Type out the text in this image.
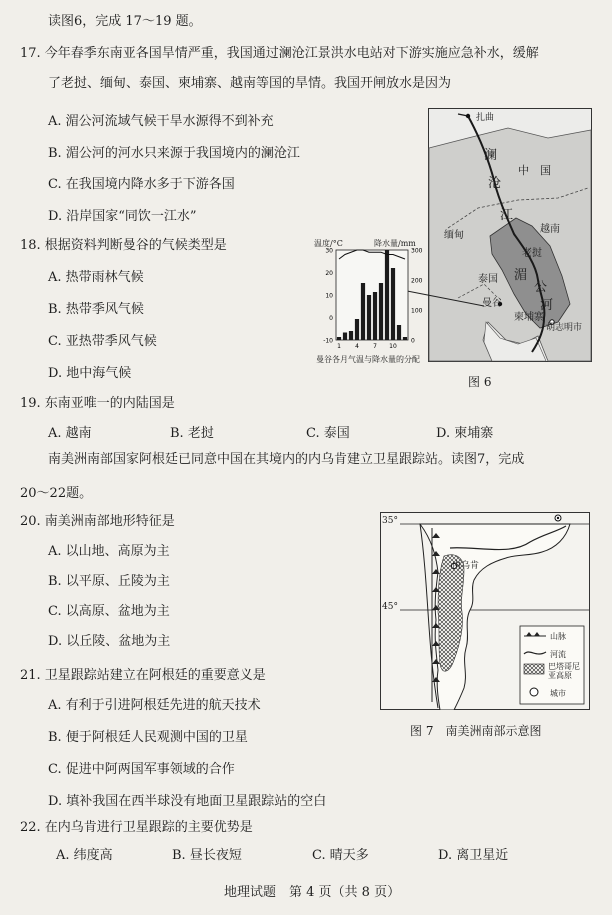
读图6，完成 17～19 题。
17. 今年春季东南亚各国旱情严重，我国通过澜沧江景洪水电站对下游实施应急补水，缓解
了老挝、缅甸、泰国、柬埔寨、越南等国的旱情。我国开闸放水是因为
A. 湄公河流域气候干旱水源得不到补充
B. 湄公河的河水只来源于我国境内的澜沧江
C. 在我国境内降水多于下游各国
D. 沿岸国家“同饮一江水”
18. 根据资料判断曼谷的气候类型是
A. 热带雨林气候
B. 热带季风气候
C. 亚热带季风气候
D. 地中海气候
19. 东南亚唯一的内陆国是
A. 越南	B. 老挝	C. 泰国	D. 柬埔寨
南美洲南部国家阿根廷已同意中国在其境内的内乌肯建立卫星跟踪站。读图7，完成
20～22题。
20. 南美洲南部地形特征是
A. 以山地、高原为主
B. 以平原、丘陵为主
C. 以高原、盆地为主
D. 以丘陵、盆地为主
21. 卫星跟踪站建立在阿根廷的重要意义是
A. 有利于引进阿根廷先进的航天技术
B. 便于阿根廷人民观测中国的卫星
C. 促进中阿两国军事领域的合作
D. 填补我国在西半球没有地面卫星跟踪站的空白
22. 在内乌肯进行卫星跟踪的主要优势是
A. 纬度高	B. 昼长夜短	C. 晴天多	D. 离卫星近
地理试题　第 4 页（共 8 页）
扎曲
澜
沧
江
中　国
缅甸
越南
老挝
泰国 湄
公
河
曼谷
柬埔寨
胡志明市
图 6
温度/°C	降水量/mm
30
20
10
0
-10
300
200
100
0
1 4 7 10
曼谷各月气温与降水量的分配
35°
45°
内乌肯
山脉
河流
巴塔哥尼亚高原
城市
图 7　南美洲南部示意图
